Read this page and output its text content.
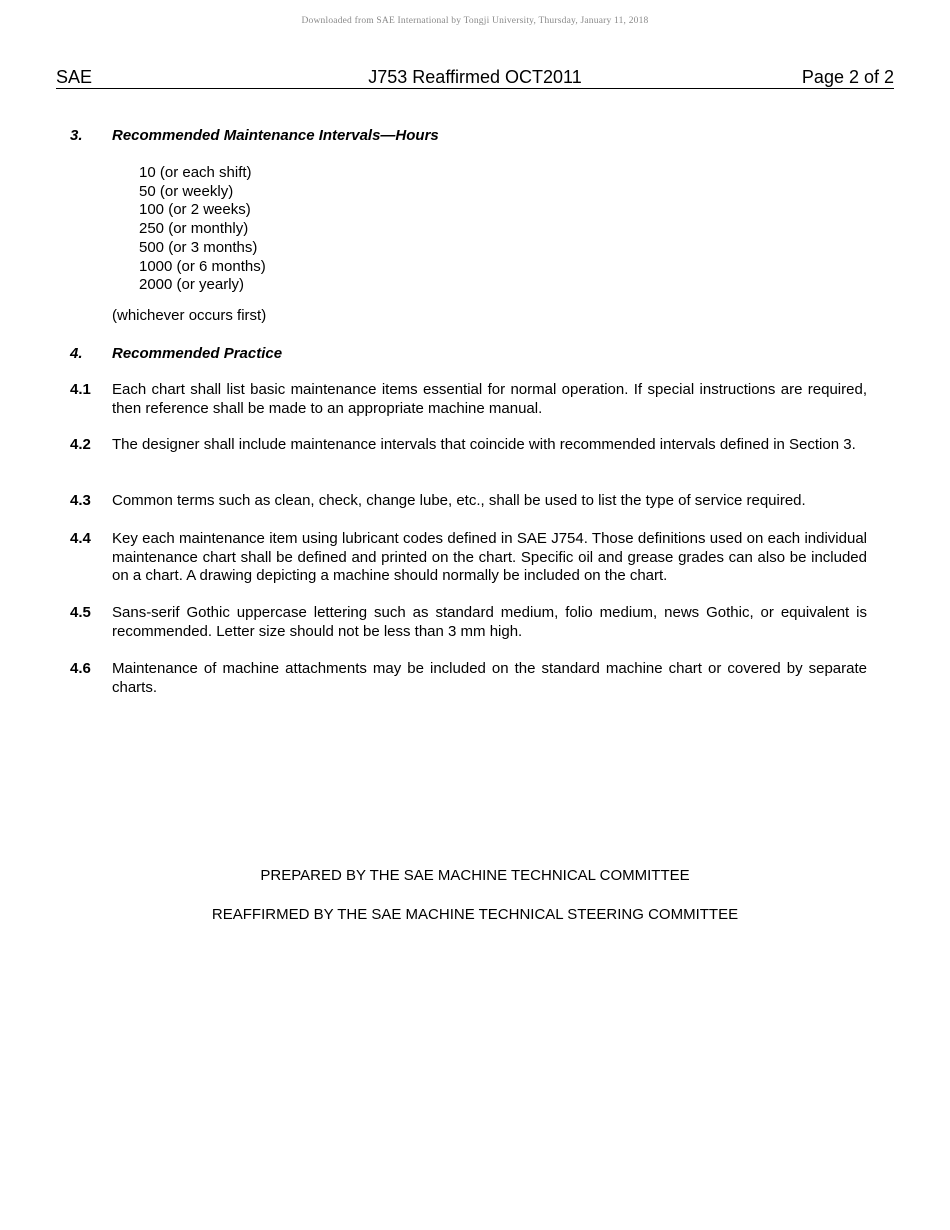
Downloaded from SAE International by Tongji University, Thursday, January 11, 2018
J753 Reaffirmed OCT2011
SAE	Page 2 of 2
3. Recommended Maintenance Intervals—Hours
10 (or each shift)
50 (or weekly)
100 (or 2 weeks)
250 (or monthly)
500 (or 3 months)
1000 (or 6 months)
2000 (or yearly)
(whichever occurs first)
4. Recommended Practice
4.1 Each chart shall list basic maintenance items essential for normal operation. If special instructions are required, then reference shall be made to an appropriate machine manual.
4.2 The designer shall include maintenance intervals that coincide with recommended intervals defined in Section 3.
4.3 Common terms such as clean, check, change lube, etc., shall be used to list the type of service required.
4.4 Key each maintenance item using lubricant codes defined in SAE J754. Those definitions used on each individual maintenance chart shall be defined and printed on the chart. Specific oil and grease grades can also be included on a chart. A drawing depicting a machine should normally be included on the chart.
4.5 Sans-serif Gothic uppercase lettering such as standard medium, folio medium, news Gothic, or equivalent is recommended. Letter size should not be less than 3 mm high.
4.6 Maintenance of machine attachments may be included on the standard machine chart or covered by separate charts.
PREPARED BY THE SAE MACHINE TECHNICAL COMMITTEE
REAFFIRMED BY THE SAE MACHINE TECHNICAL STEERING COMMITTEE
